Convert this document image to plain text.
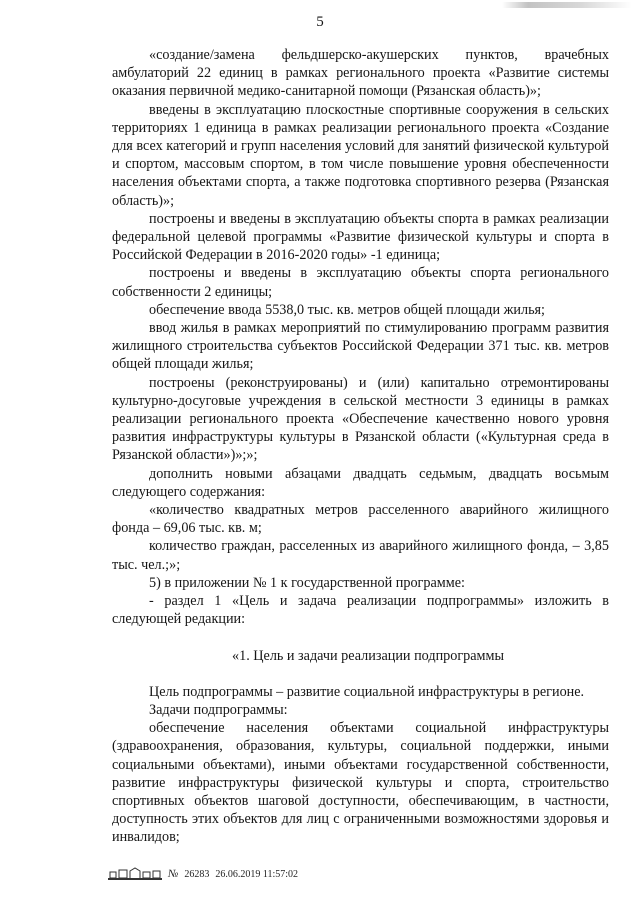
5

«создание/замена фельдшерско-акушерских пунктов, врачебных амбулаторий 22 единиц в рамках регионального проекта «Развитие системы оказания первичной медико-санитарной помощи (Рязанская область)»;

введены в эксплуатацию плоскостные спортивные сооружения в сельских территориях 1 единица в рамках реализации регионального проекта «Создание для всех категорий и групп населения условий для занятий физической культурой и спортом, массовым спортом, в том числе повышение уровня обеспеченности населения объектами спорта, а также подготовка спортивного резерва (Рязанская область)»;

построены и введены в эксплуатацию объекты спорта в рамках реализации федеральной целевой программы «Развитие физической культуры и спорта в Российской Федерации в 2016-2020 годы» -1 единица;

построены и введены в эксплуатацию объекты спорта регионального собственности 2 единицы;

обеспечение ввода 5538,0 тыс. кв. метров общей площади жилья;

ввод жилья в рамках мероприятий по стимулированию программ развития жилищного строительства субъектов Российской Федерации 371 тыс. кв. метров общей площади жилья;

построены (реконструированы) и (или) капитально отремонтированы культурно-досуговые учреждения в сельской местности 3 единицы в рамках реализации регионального проекта «Обеспечение качественно нового уровня развития инфраструктуры культуры в Рязанской области («Культурная среда в Рязанской области»)»;»;

дополнить новыми абзацами двадцать седьмым, двадцать восьмым следующего содержания:

«количество квадратных метров расселенного аварийного жилищного фонда – 69,06 тыс. кв. м;

количество граждан, расселенных из аварийного жилищного фонда, – 3,85 тыс. чел.;»;

5) в приложении № 1 к государственной программе:

- раздел 1 «Цель и задача реализации подпрограммы» изложить в следующей редакции:

«1. Цель и задачи реализации подпрограммы

Цель подпрограммы – развитие социальной инфраструктуры в регионе.

Задачи подпрограммы:

обеспечение населения объектами социальной инфраструктуры (здравоохранения, образования, культуры, социальной поддержки, иными социальными объектами), иными объектами государственной собственности, развитие инфраструктуры физической культуры и спорта, строительство спортивных объектов шаговой доступности, обеспечивающим, в частности, доступность этих объектов для лиц с ограниченными возможностями здоровья и инвалидов;

№ 26283 26.06.2019 11:57:02
